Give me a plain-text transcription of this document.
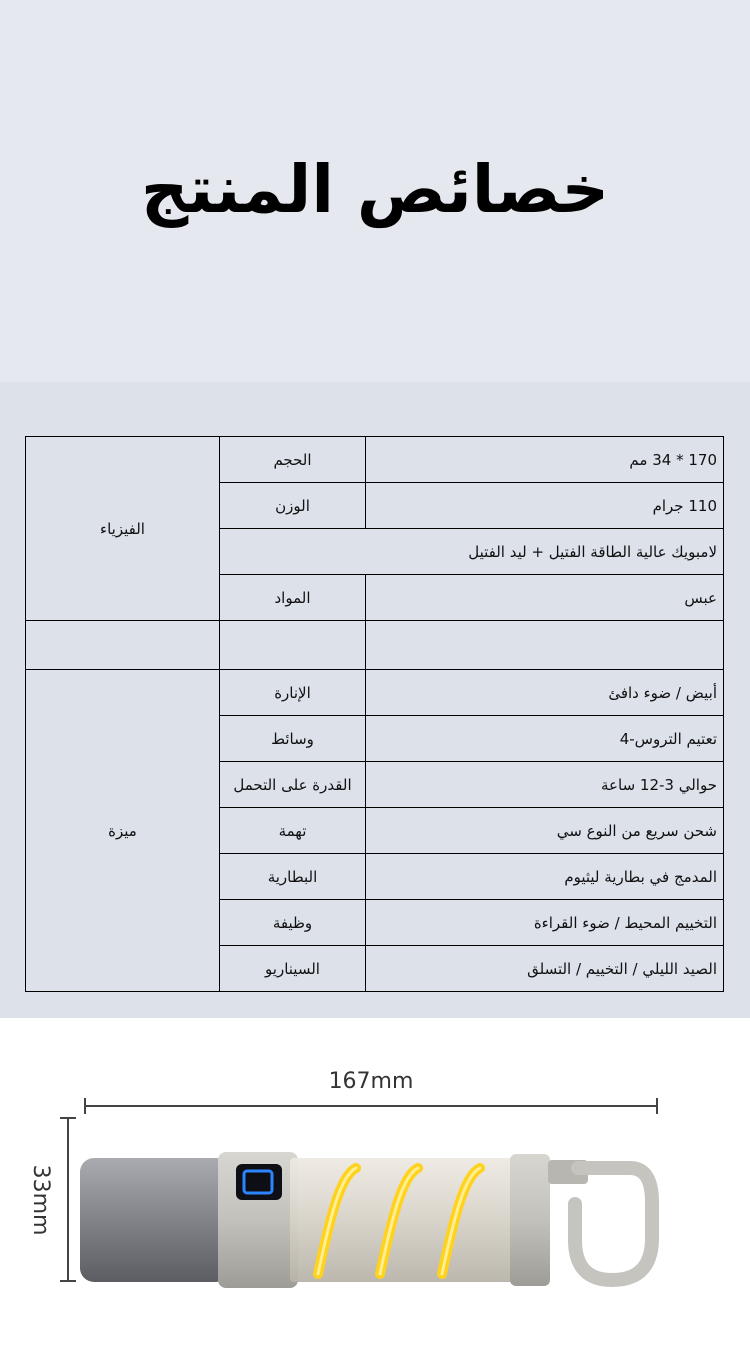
خصائص المنتج
الفيزياء	الحجم	170 * 34 مم
	الوزن	110 جرام
	لامبويك عالية الطاقة الفتيل + ليد الفتيل	
	المواد	عبس

ميزة	الإنارة	أبيض / ضوء دافئ
	وسائط	تعتيم التروس-4
	القدرة على التحمل	حوالي 3-12 ساعة
	تهمة	شحن سريع من النوع سي
	البطارية	المدمج في بطارية ليثيوم
	وظيفة	التخييم المحيط / ضوء القراءة
	السيناريو	الصيد الليلي / التخييم / التسلق
167mm
33mm
